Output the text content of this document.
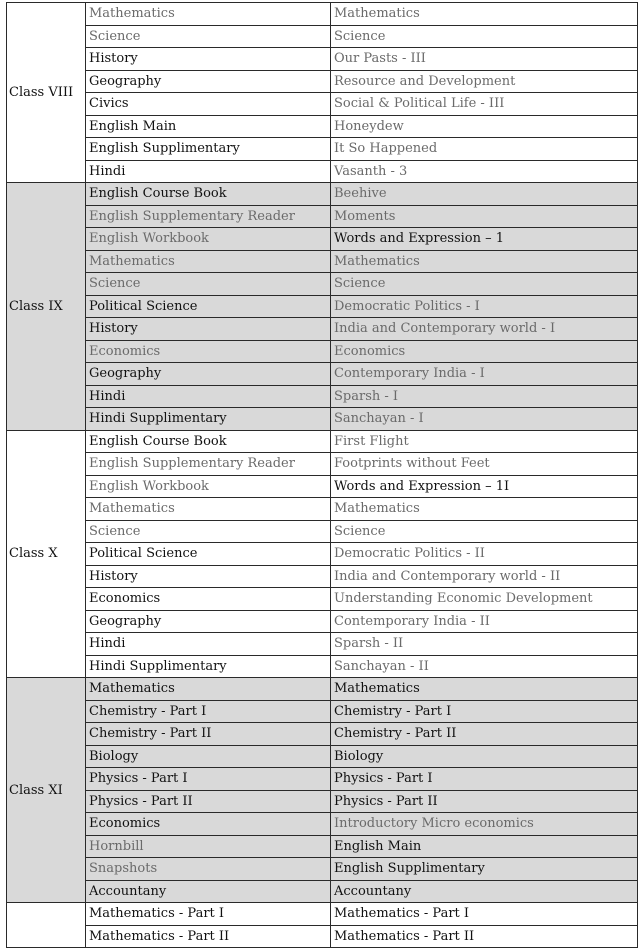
Class VIII	Mathematics	Mathematics
	Science	Science
	History	Our Pasts - III
	Geography	Resource and Development
	Civics	Social & Political Life - III
	English Main	Honeydew
	English Supplimentary	It So Happened
	Hindi	Vasanth - 3
Class IX	English Course Book	Beehive
	English Supplementary Reader	Moments
	English Workbook	Words and Expression – 1
	Mathematics	Mathematics
	Science	Science
	Political Science	Democratic Politics - I
	History	India and Contemporary world - I
	Economics	Economics
	Geography	Contemporary India - I
	Hindi	Sparsh - I
	Hindi Supplimentary	Sanchayan - I
Class X	English Course Book	First Flight
	English Supplementary Reader	Footprints without Feet
	English Workbook	Words and Expression – 1I
	Mathematics	Mathematics
	Science	Science
	Political Science	Democratic Politics - II
	History	India and Contemporary world - II
	Economics	Understanding Economic Development
	Geography	Contemporary India - II
	Hindi	Sparsh - II
	Hindi Supplimentary	Sanchayan - II
Class XI	Mathematics	Mathematics
	Chemistry - Part I	Chemistry - Part I
	Chemistry - Part II	Chemistry - Part II
	Biology	Biology
	Physics - Part I	Physics - Part I
	Physics - Part II	Physics - Part II
	Economics	Introductory Micro economics
	Hornbill	English Main
	Snapshots	English Supplimentary
	Accountany	Accountany
	Mathematics - Part I	Mathematics - Part I
	Mathematics - Part II	Mathematics - Part II
